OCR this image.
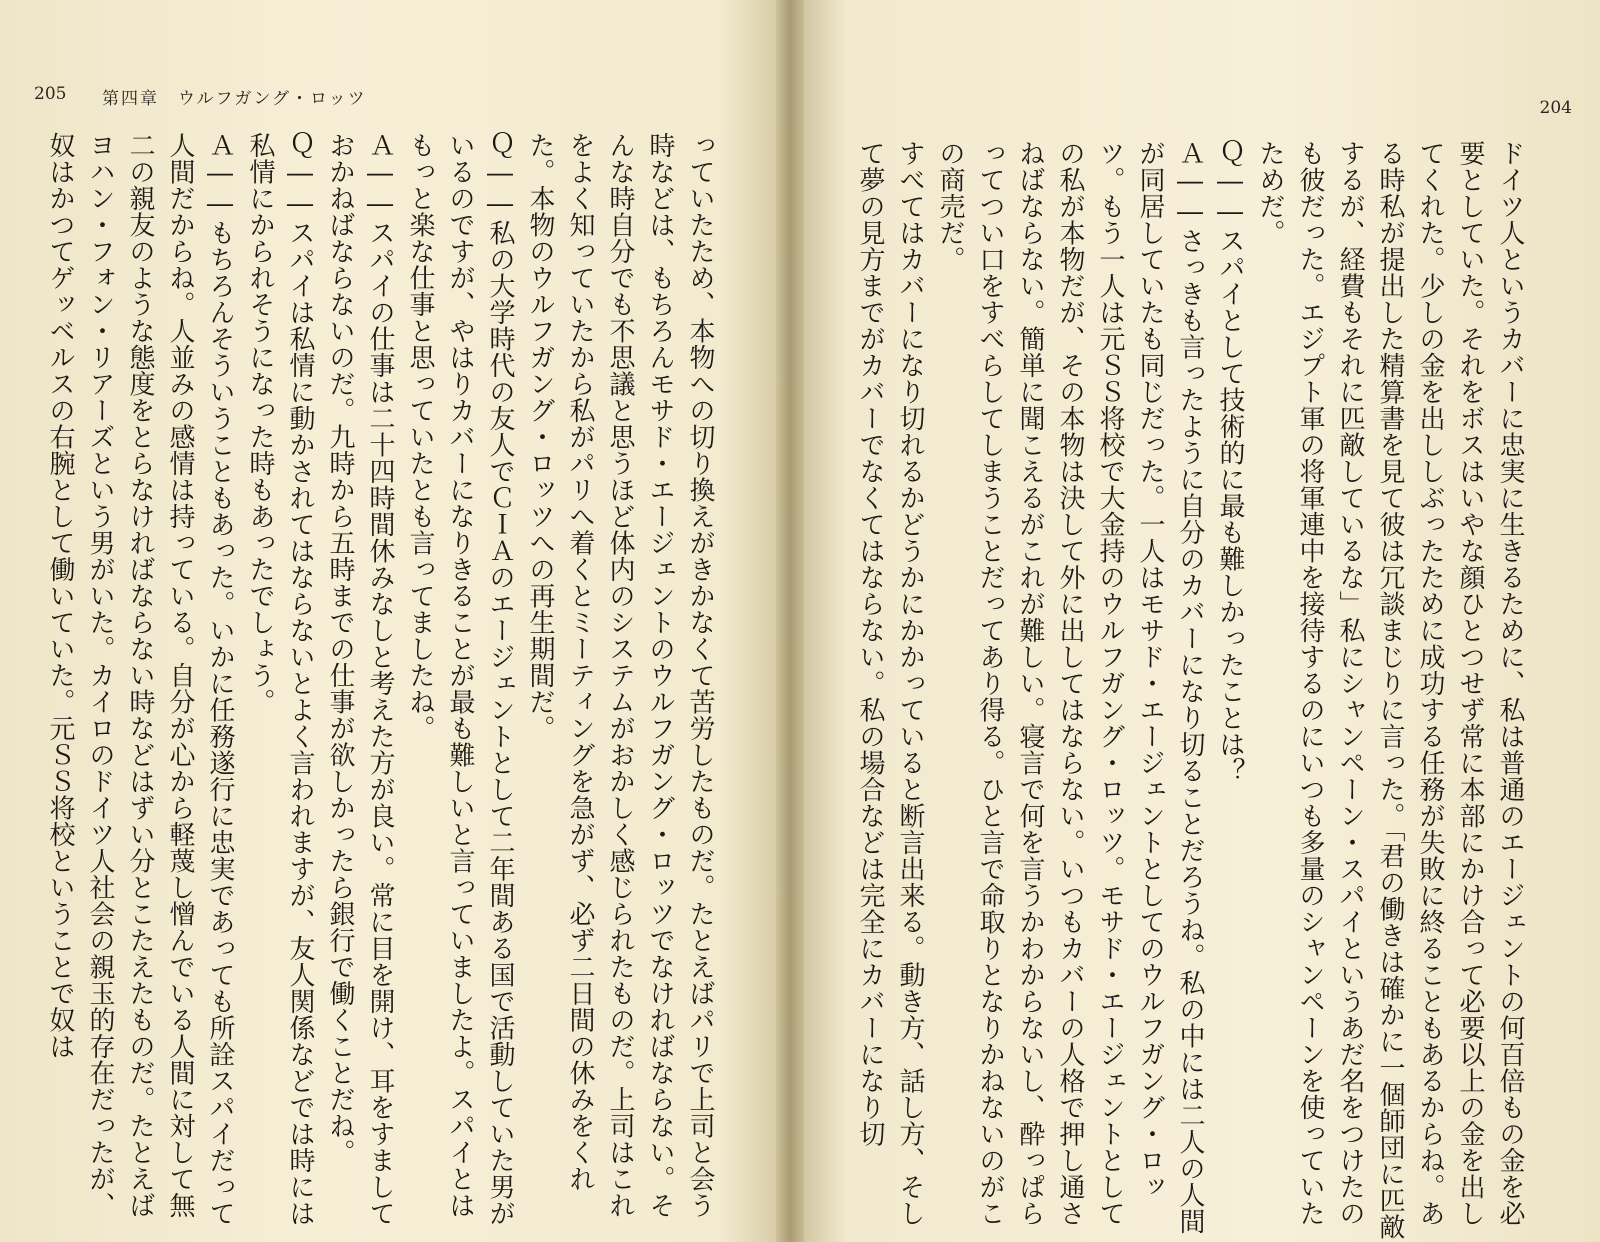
205 第四章　ウルフガング・ロッツ

っていたため、本物への切り換えがきかなくて苦労したものだ。たとえばパリで上司と会う時などは、もちろんモサド・エージェントのウルフガング・ロッツでなければならない。そんな時自分でも不思議と思うほど体内のシステムがおかしく感じられたものだ。上司はこれをよく知っていたから私がパリへ着くとミーティングを急がず、必ず二日間の休みをくれた。本物のウルフガング・ロッツへの再生期間だ。

Ｑ――私の大学時代の友人でＣＩＡのエージェントとして二年間ある国で活動していた男がいるのですが、やはりカバーになりきることが最も難しいと言っていましたよ。スパイとはもっと楽な仕事と思っていたとも言ってましたね。

Ａ――スパイの仕事は二十四時間休みなしと考えた方が良い。常に目を開け、耳をすましておかねばならないのだ。九時から五時までの仕事が欲しかったら銀行で働くことだね。

Ｑ――スパイは私情に動かされてはならないとよく言われますが、友人関係などでは時には私情にかられそうになった時もあったでしょう。

Ａ――もちろんそういうこともあった。いかに任務遂行に忠実であっても所詮スパイだって人間だからね。人並みの感情は持っている。自分が心から軽蔑し憎んでいる人間に対して無二の親友のような態度をとらなければならない時などはずい分とこたえたものだ。たとえばヨハン・フォン・リアーズという男がいた。カイロのドイツ人社会の親玉的存在だったが、奴はかつてゲッベルスの右腕として働いていた。元ＳＳ将校ということで奴は

204

ドイツ人というカバーに忠実に生きるために、私は普通のエージェントの何百倍もの金を必要としていた。それをボスはいやな顔ひとつせず常に本部にかけ合って必要以上の金を出してくれた。少しの金を出ししぶったために成功する任務が失敗に終ることもあるからね。ある時私が提出した精算書を見て彼は冗談まじりに言った。「君の働きは確かに一個師団に匹敵するが、経費もそれに匹敵しているな」私にシャンペーン・スパイというあだ名をつけたのも彼だった。エジプト軍の将軍連中を接待するのにいつも多量のシャンペーンを使っていたためだ。

Ｑ――スパイとして技術的に最も難しかったことは？

Ａ――さっきも言ったように自分のカバーになり切ることだろうね。私の中には二人の人間が同居していたも同じだった。一人はモサド・エージェントとしてのウルフガング・ロッツ。もう一人は元ＳＳ将校で大金持のウルフガング・ロッツ。モサド・エージェントとしての私が本物だが、その本物は決して外に出してはならない。いつもカバーの人格で押し通さねばならない。簡単に聞こえるがこれが難しい。寝言で何を言うかわからないし、酔っぱらってつい口をすべらしてしまうことだってあり得る。ひと言で命取りとなりかねないのがこの商売だ。

すべてはカバーになり切れるかどうかにかかっていると断言出来る。動き方、話し方、そして夢の見方までがカバーでなくてはならない。私の場合などは完全にカバーになり切
